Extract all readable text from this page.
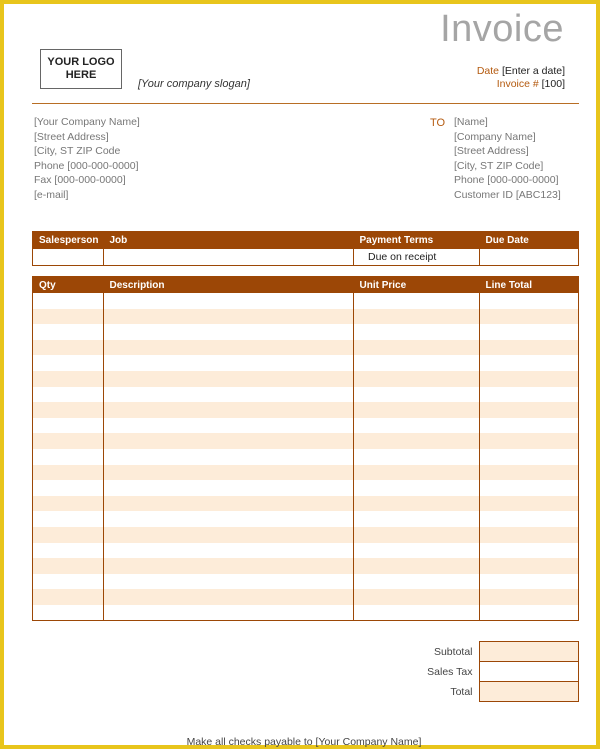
Invoice
YOUR LOGO
HERE
[Your company slogan]
Date [Enter a date]
Invoice # [100]
[Your Company Name]
[Street Address]
[City, ST ZIP Code
Phone [000-000-0000]
Fax [000-000-0000]
[e-mail]
TO [Name]
[Company Name]
[Street Address]
[City, ST ZIP Code]
Phone [000-000-0000]
Customer ID [ABC123]
Salesperson	Job	Payment Terms	Due Date
		Due on receipt	
Qty	Description	Unit Price	Line Total

Subtotal	
Sales Tax	
Total	
Make all checks payable to [Your Company Name]
